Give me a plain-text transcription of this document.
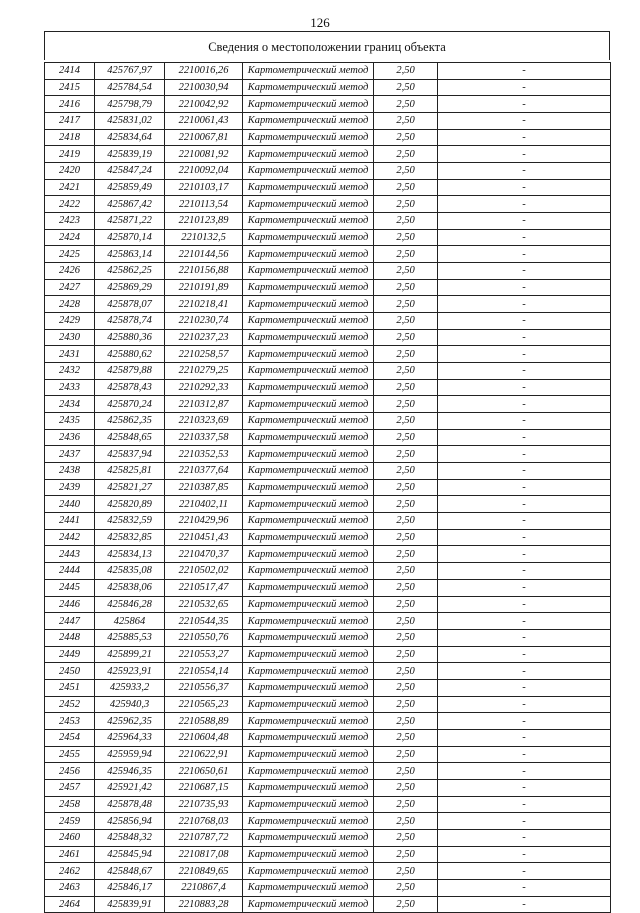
126
Сведения о местоположении границ объекта
2414	425767,97	2210016,26	Картометрический метод	2,50	-
2415	425784,54	2210030,94	Картометрический метод	2,50	-
2416	425798,79	2210042,92	Картометрический метод	2,50	-
2417	425831,02	2210061,43	Картометрический метод	2,50	-
2418	425834,64	2210067,81	Картометрический метод	2,50	-
2419	425839,19	2210081,92	Картометрический метод	2,50	-
2420	425847,24	2210092,04	Картометрический метод	2,50	-
2421	425859,49	2210103,17	Картометрический метод	2,50	-
2422	425867,42	2210113,54	Картометрический метод	2,50	-
2423	425871,22	2210123,89	Картометрический метод	2,50	-
2424	425870,14	2210132,5	Картометрический метод	2,50	-
2425	425863,14	2210144,56	Картометрический метод	2,50	-
2426	425862,25	2210156,88	Картометрический метод	2,50	-
2427	425869,29	2210191,89	Картометрический метод	2,50	-
2428	425878,07	2210218,41	Картометрический метод	2,50	-
2429	425878,74	2210230,74	Картометрический метод	2,50	-
2430	425880,36	2210237,23	Картометрический метод	2,50	-
2431	425880,62	2210258,57	Картометрический метод	2,50	-
2432	425879,88	2210279,25	Картометрический метод	2,50	-
2433	425878,43	2210292,33	Картометрический метод	2,50	-
2434	425870,24	2210312,87	Картометрический метод	2,50	-
2435	425862,35	2210323,69	Картометрический метод	2,50	-
2436	425848,65	2210337,58	Картометрический метод	2,50	-
2437	425837,94	2210352,53	Картометрический метод	2,50	-
2438	425825,81	2210377,64	Картометрический метод	2,50	-
2439	425821,27	2210387,85	Картометрический метод	2,50	-
2440	425820,89	2210402,11	Картометрический метод	2,50	-
2441	425832,59	2210429,96	Картометрический метод	2,50	-
2442	425832,85	2210451,43	Картометрический метод	2,50	-
2443	425834,13	2210470,37	Картометрический метод	2,50	-
2444	425835,08	2210502,02	Картометрический метод	2,50	-
2445	425838,06	2210517,47	Картометрический метод	2,50	-
2446	425846,28	2210532,65	Картометрический метод	2,50	-
2447	425864	2210544,35	Картометрический метод	2,50	-
2448	425885,53	2210550,76	Картометрический метод	2,50	-
2449	425899,21	2210553,27	Картометрический метод	2,50	-
2450	425923,91	2210554,14	Картометрический метод	2,50	-
2451	425933,2	2210556,37	Картометрический метод	2,50	-
2452	425940,3	2210565,23	Картометрический метод	2,50	-
2453	425962,35	2210588,89	Картометрический метод	2,50	-
2454	425964,33	2210604,48	Картометрический метод	2,50	-
2455	425959,94	2210622,91	Картометрический метод	2,50	-
2456	425946,35	2210650,61	Картометрический метод	2,50	-
2457	425921,42	2210687,15	Картометрический метод	2,50	-
2458	425878,48	2210735,93	Картометрический метод	2,50	-
2459	425856,94	2210768,03	Картометрический метод	2,50	-
2460	425848,32	2210787,72	Картометрический метод	2,50	-
2461	425845,94	2210817,08	Картометрический метод	2,50	-
2462	425848,67	2210849,65	Картометрический метод	2,50	-
2463	425846,17	2210867,4	Картометрический метод	2,50	-
2464	425839,91	2210883,28	Картометрический метод	2,50	-
